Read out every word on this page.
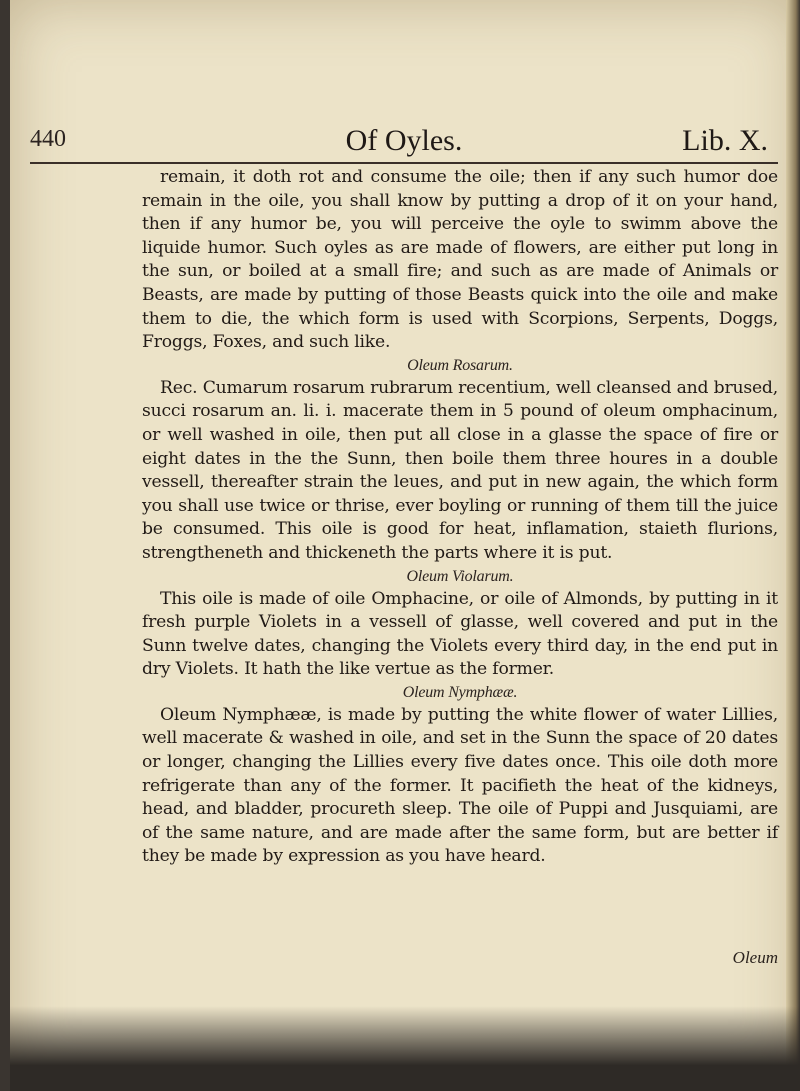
440	Of Oyles.	Lib. X.

remain, it doth rot and consume the oile; then if any such humor doe remain in the oile, you shall know by putting a drop of it on your hand, then if any humor be, you will perceive the oyle to swimm above the liquide humor. Such oyles as are made of flowers, are either put long in the sun, or boiled at a small fire; and such as are made of Animals or Beasts, are made by putting of those Beasts quick into the oile and make them to die, the which form is used with Scorpions, Serpents, Doggs, Froggs, Foxes, and such like.

Oleum Rosarum.

Rec. Cumarum rosarum rubrarum recentium, well cleansed and brused, succi rosarum an. li. i. macerate them in 5 pound of oleum omphacinum, or well washed in oile, then put all close in a glasse the space of fire or eight dates in the the Sunn, then boile them three houres in a double vessell, thereafter strain the leues, and put in new again, the which form you shall use twice or thrise, ever boyling or running of them till the juice be consumed. This oile is good for heat, inflamation, staieth flurions, strengtheneth and thickeneth the parts where it is put.

Oleum Violarum.

This oile is made of oile Omphacine, or oile of Almonds, by putting in it fresh purple Violets in a vessell of glasse, well covered and put in the Sunn twelve dates, changing the Violets every third day, in the end put in dry Violets. It hath the like vertue as the former.

Oleum Nymphææ.

Oleum Nymphææ, is made by putting the white flower of water Lillies, well macerate & washed in oile, and set in the Sunn the space of 20 dates or longer, changing the Lillies every five dates once. This oile doth more refrigerate than any of the former. It pacifieth the heat of the kidneys, head, and bladder, procureth sleep. The oile of Puppi and Jusquiami, are of the same nature, and are made after the same form, but are better if they be made by expression as you have heard.

Oleum
